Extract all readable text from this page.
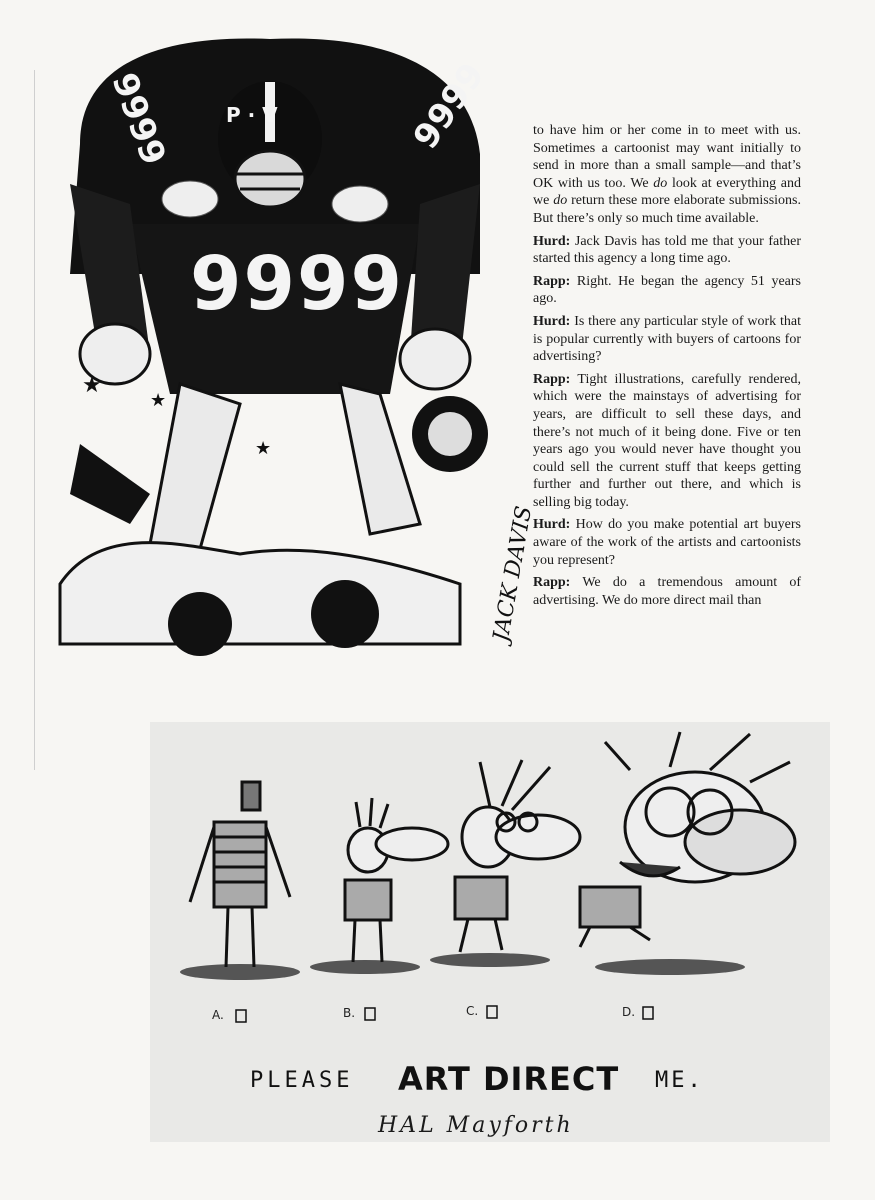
★
★
★
9999
9999	9999
P · V
JACK DAVIS

to have him or her come in to meet with us. Sometimes a cartoonist may want initially to send in more than a small sample—and that’s OK with us too. We do look at everything and we do return these more elaborate submissions. But there’s only so much time available.

Hurd: Jack Davis has told me that your father started this agency a long time ago.

Rapp: Right. He began the agency 51 years ago.

Hurd: Is there any particular style of work that is popular currently with buyers of cartoons for advertising?

Rapp: Tight illustrations, carefully rendered, which were the mainstays of advertising for years, are difficult to sell these days, and there’s not much of it being done. Five or ten years ago you would never have thought you could sell the current stuff that keeps getting further and further out there, and which is selling big today.

Hurd: How do you make potential art buyers aware of the work of the artists and cartoonists you represent?

Rapp: We do a tremendous amount of advertising. We do more direct mail than

A.	B.	C.	D.
PLEASE ART DIRECT ME.
HAL Mayforth
